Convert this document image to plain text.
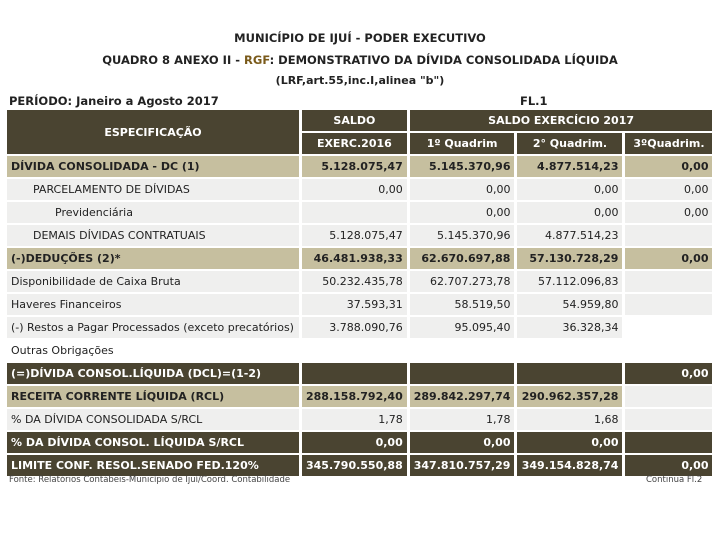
MUNICÍPIO DE IJUÍ - PODER EXECUTIVO
QUADRO 8 ANEXO II - RGF: DEMONSTRATIVO DA DÍVIDA CONSOLIDADA LÍQUIDA
(LRF,art.55,inc.I,alinea "b")
PERÍODO: Janeiro a Agosto 2017	FL.1
ESPECIFICAÇÃO	SALDO	SALDO EXERCÍCIO 2017		
	EXERC.2016	1º Quadrim	2° Quadrim.	3ºQuadrim.
DÍVIDA CONSOLIDADA - DC (1)	5.128.075,47	5.145.370,96	4.877.514,23	0,00
PARCELAMENTO DE DÍVIDAS	0,00	0,00	0,00	0,00
Previdenciária		0,00	0,00	0,00
DEMAIS DÍVIDAS CONTRATUAIS	5.128.075,47	5.145.370,96	4.877.514,23	
(-)DEDUÇÕES (2)*	46.481.938,33	62.670.697,88	57.130.728,29	0,00
Disponibilidade de Caixa Bruta	50.232.435,78	62.707.273,78	57.112.096,83	
Haveres Financeiros	37.593,31	58.519,50	54.959,80	
(-) Restos a Pagar Processados (exceto precatórios)	3.788.090,76	95.095,40	36.328,34	
Outras Obrigações				
(=)DÍVIDA CONSOL.LÍQUIDA (DCL)=(1-2)				0,00
RECEITA CORRENTE LÍQUIDA (RCL)	288.158.792,40	289.842.297,74	290.962.357,28	
% DA DÍVIDA CONSOLIDADA S/RCL	1,78	1,78	1,68	
% DA DÍVIDA CONSOL. LÍQUIDA S/RCL	0,00	0,00	0,00	
LIMITE CONF. RESOL.SENADO FED.120%	345.790.550,88	347.810.757,29	349.154.828,74	0,00
Fonte: Relatórios Contábeis-Município de Ijuí/Coord. Contabilidade	Continua Fl.2
